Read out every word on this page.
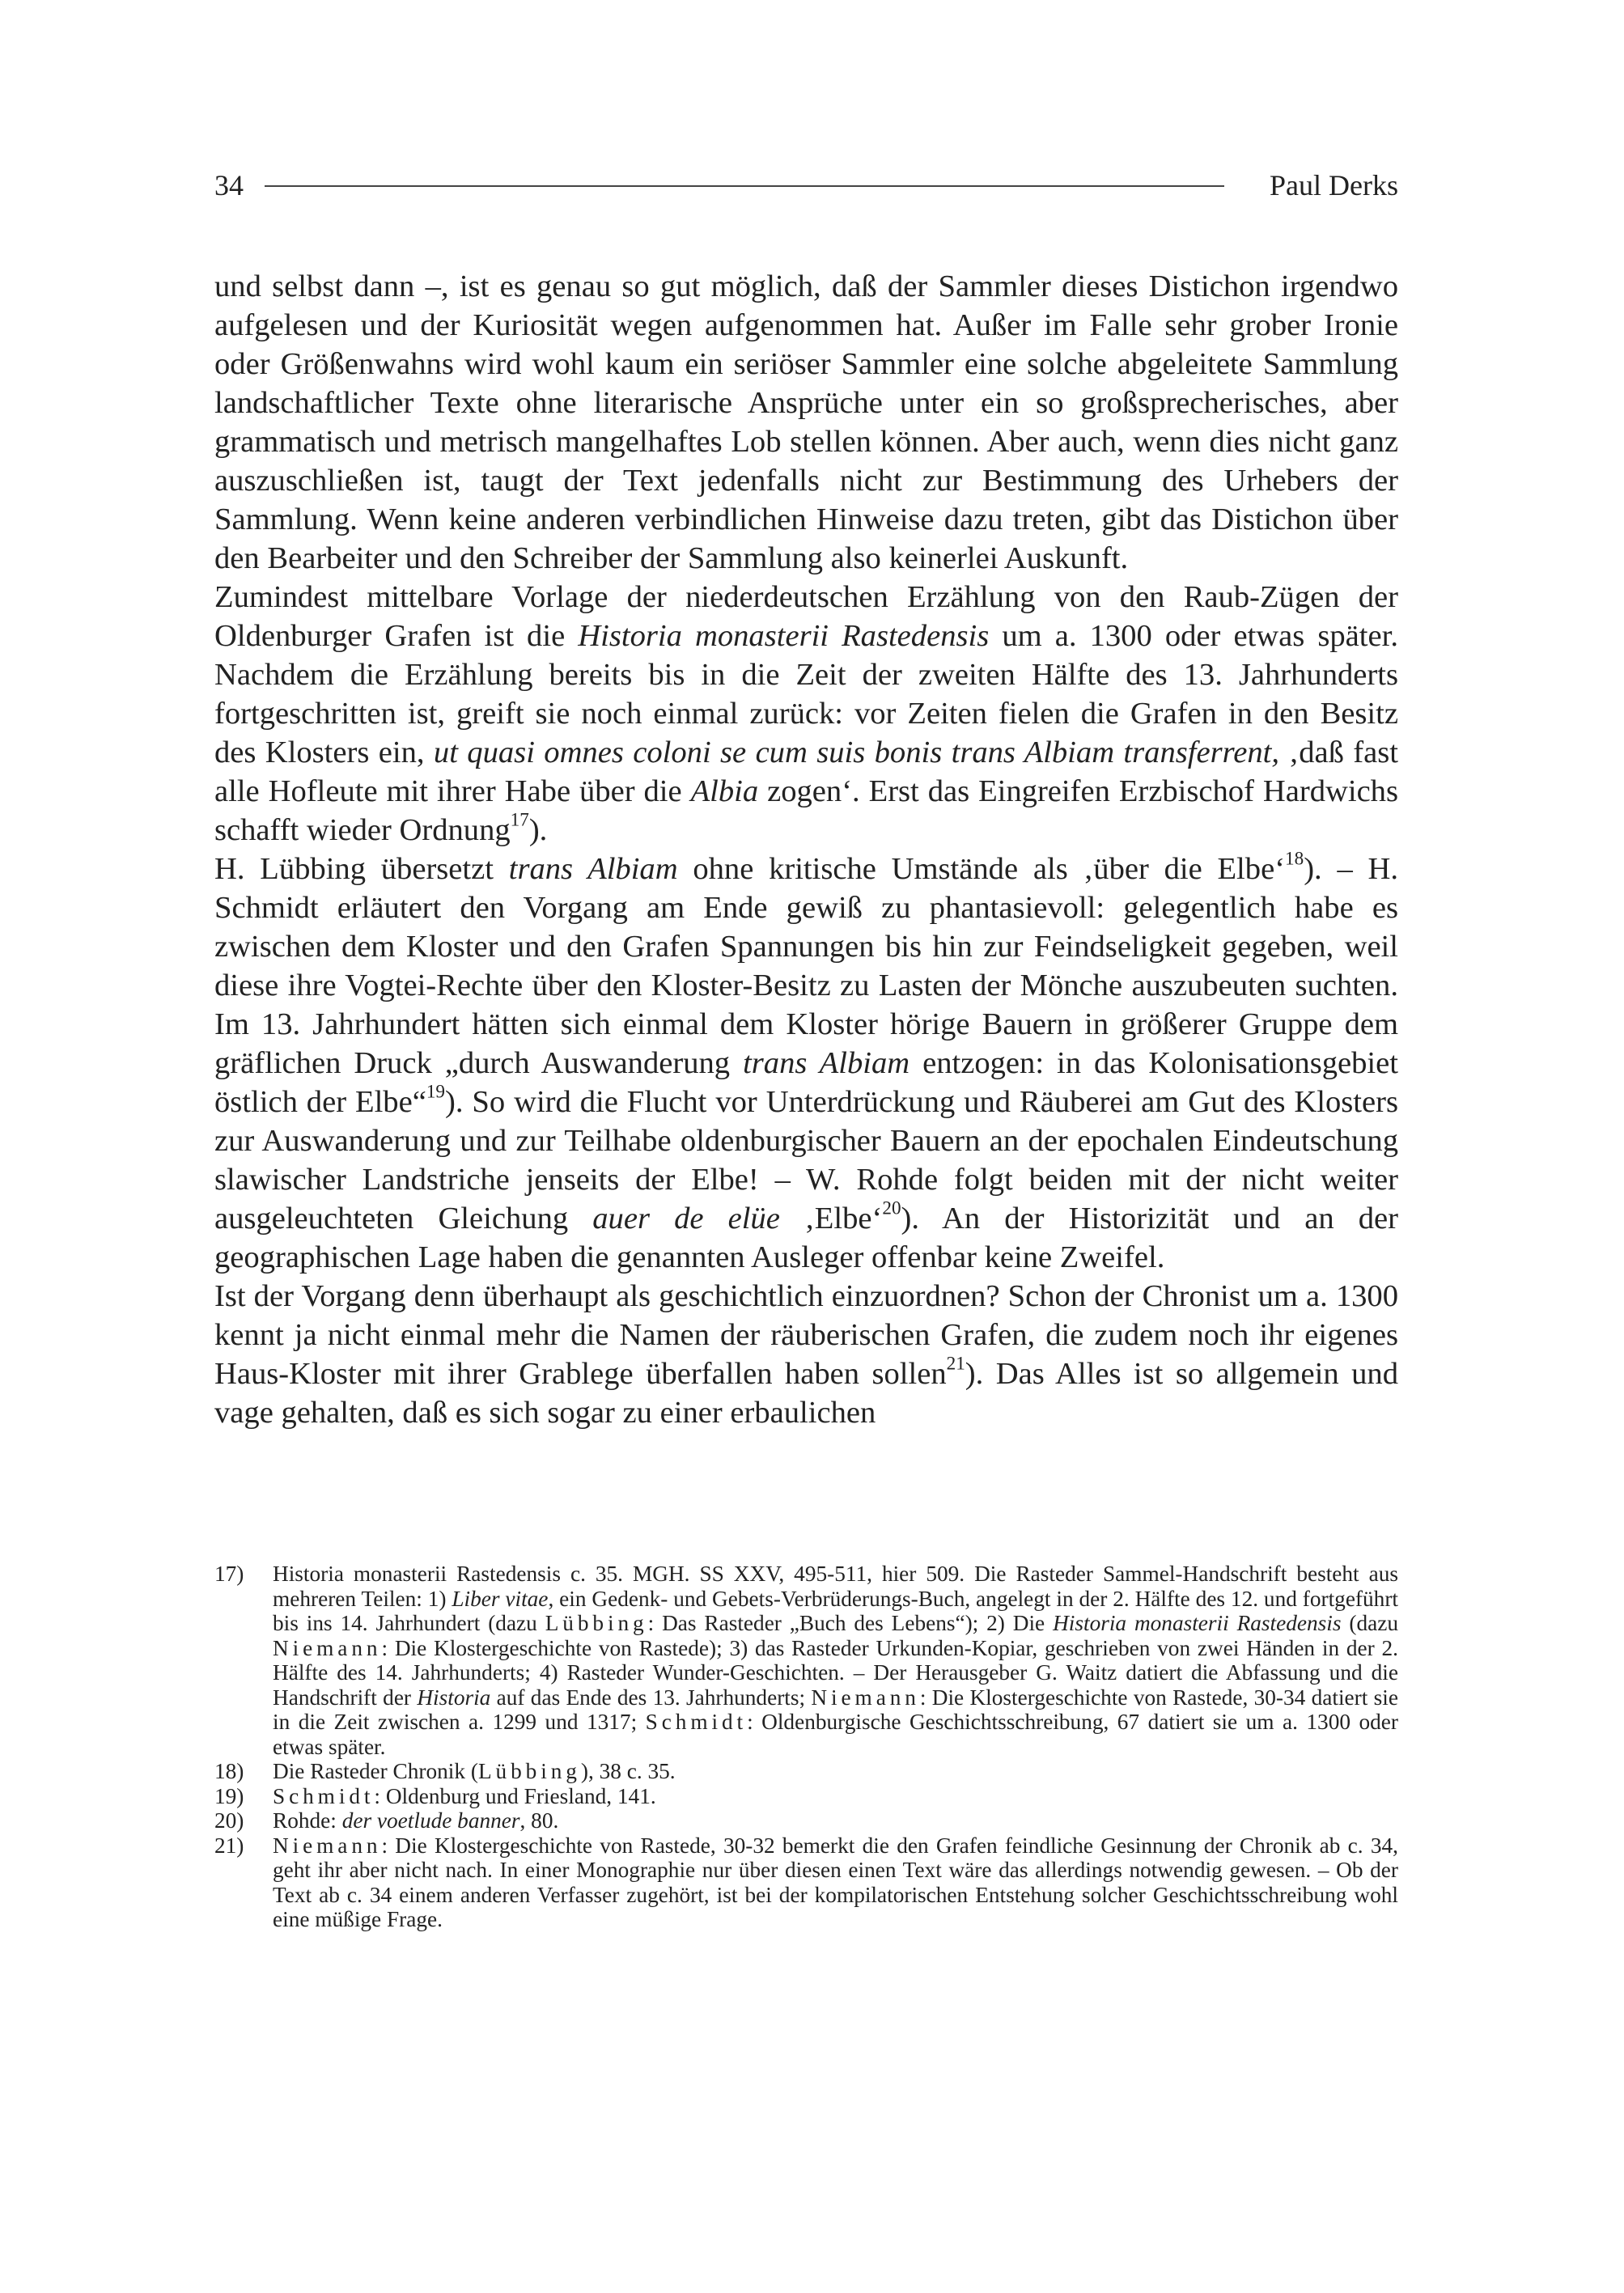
34	Paul Derks

und selbst dann –, ist es genau so gut möglich, daß der Sammler dieses Distichon irgendwo aufgelesen und der Kuriosität wegen aufgenommen hat. Außer im Falle sehr grober Ironie oder Größenwahns wird wohl kaum ein seriöser Sammler eine solche abgeleitete Sammlung landschaftlicher Texte ohne literarische Ansprüche unter ein so großsprecherisches, aber grammatisch und metrisch mangelhaftes Lob stellen können. Aber auch, wenn dies nicht ganz auszuschließen ist, taugt der Text jedenfalls nicht zur Bestimmung des Urhebers der Sammlung. Wenn keine anderen verbindlichen Hinweise dazu treten, gibt das Distichon über den Bearbeiter und den Schreiber der Sammlung also keinerlei Auskunft.

Zumindest mittelbare Vorlage der niederdeutschen Erzählung von den Raub-Zügen der Oldenburger Grafen ist die Historia monasterii Rastedensis um a. 1300 oder etwas später. Nachdem die Erzählung bereits bis in die Zeit der zweiten Hälfte des 13. Jahrhunderts fortgeschritten ist, greift sie noch einmal zurück: vor Zeiten fielen die Grafen in den Besitz des Klosters ein, ut quasi omnes coloni se cum suis bonis trans Albiam transferrent, ‚daß fast alle Hofleute mit ihrer Habe über die Albia zogen‘. Erst das Eingreifen Erzbischof Hardwichs schafft wieder Ordnung$^{17}$).

H. Lübbing übersetzt trans Albiam ohne kritische Umstände als ‚über die Elbe‘$^{18}$). – H. Schmidt erläutert den Vorgang am Ende gewiß zu phantasievoll: gelegentlich habe es zwischen dem Kloster und den Grafen Spannungen bis hin zur Feindseligkeit gegeben, weil diese ihre Vogtei-Rechte über den Kloster-Besitz zu Lasten der Mönche auszubeuten suchten. Im 13. Jahrhundert hätten sich einmal dem Kloster hörige Bauern in größerer Gruppe dem gräflichen Druck „durch Auswanderung trans Albiam entzogen: in das Kolonisationsgebiet östlich der Elbe“$^{19}$). So wird die Flucht vor Unterdrückung und Räuberei am Gut des Klosters zur Auswanderung und zur Teilhabe oldenburgischer Bauern an der epochalen Eindeutschung slawischer Landstriche jenseits der Elbe! – W. Rohde folgt beiden mit der nicht weiter ausgeleuchteten Gleichung auer de elüe ‚Elbe‘$^{20}$). An der Historizität und an der geographischen Lage haben die genannten Ausleger offenbar keine Zweifel.

Ist der Vorgang denn überhaupt als geschichtlich einzuordnen? Schon der Chronist um a. 1300 kennt ja nicht einmal mehr die Namen der räuberischen Grafen, die zudem noch ihr eigenes Haus-Kloster mit ihrer Grablege überfallen haben sollen$^{21}$). Das Alles ist so allgemein und vage gehalten, daß es sich sogar zu einer erbaulichen

17) Historia monasterii Rastedensis c. 35. MGH. SS XXV, 495-511, hier 509. Die Rasteder Sammel-Handschrift besteht aus mehreren Teilen: 1) Liber vitae, ein Gedenk- und Gebets-Verbrüderungs-Buch, angelegt in der 2. Hälfte des 12. und fortgeführt bis ins 14. Jahrhundert (dazu Lübbing: Das Rasteder „Buch des Lebens“); 2) Die Historia monasterii Rastedensis (dazu Niemann: Die Klostergeschichte von Rastede); 3) das Rasteder Urkunden-Kopiar, geschrieben von zwei Händen in der 2. Hälfte des 14. Jahrhunderts; 4) Rasteder Wunder-Geschichten. – Der Herausgeber G. Waitz datiert die Abfassung und die Handschrift der Historia auf das Ende des 13. Jahrhunderts; Niemann: Die Klostergeschichte von Rastede, 30-34 datiert sie in die Zeit zwischen a. 1299 und 1317; Schmidt: Oldenburgische Geschichtsschreibung, 67 datiert sie um a. 1300 oder etwas später.
18) Die Rasteder Chronik (Lübbing), 38 c. 35.
19) Schmidt: Oldenburg und Friesland, 141.
20) Rohde: der voetlude banner, 80.
21) Niemann: Die Klostergeschichte von Rastede, 30-32 bemerkt die den Grafen feindliche Gesinnung der Chronik ab c. 34, geht ihr aber nicht nach. In einer Monographie nur über diesen einen Text wäre das allerdings notwendig gewesen. – Ob der Text ab c. 34 einem anderen Verfasser zugehört, ist bei der kompilatorischen Entstehung solcher Geschichtsschreibung wohl eine müßige Frage.
